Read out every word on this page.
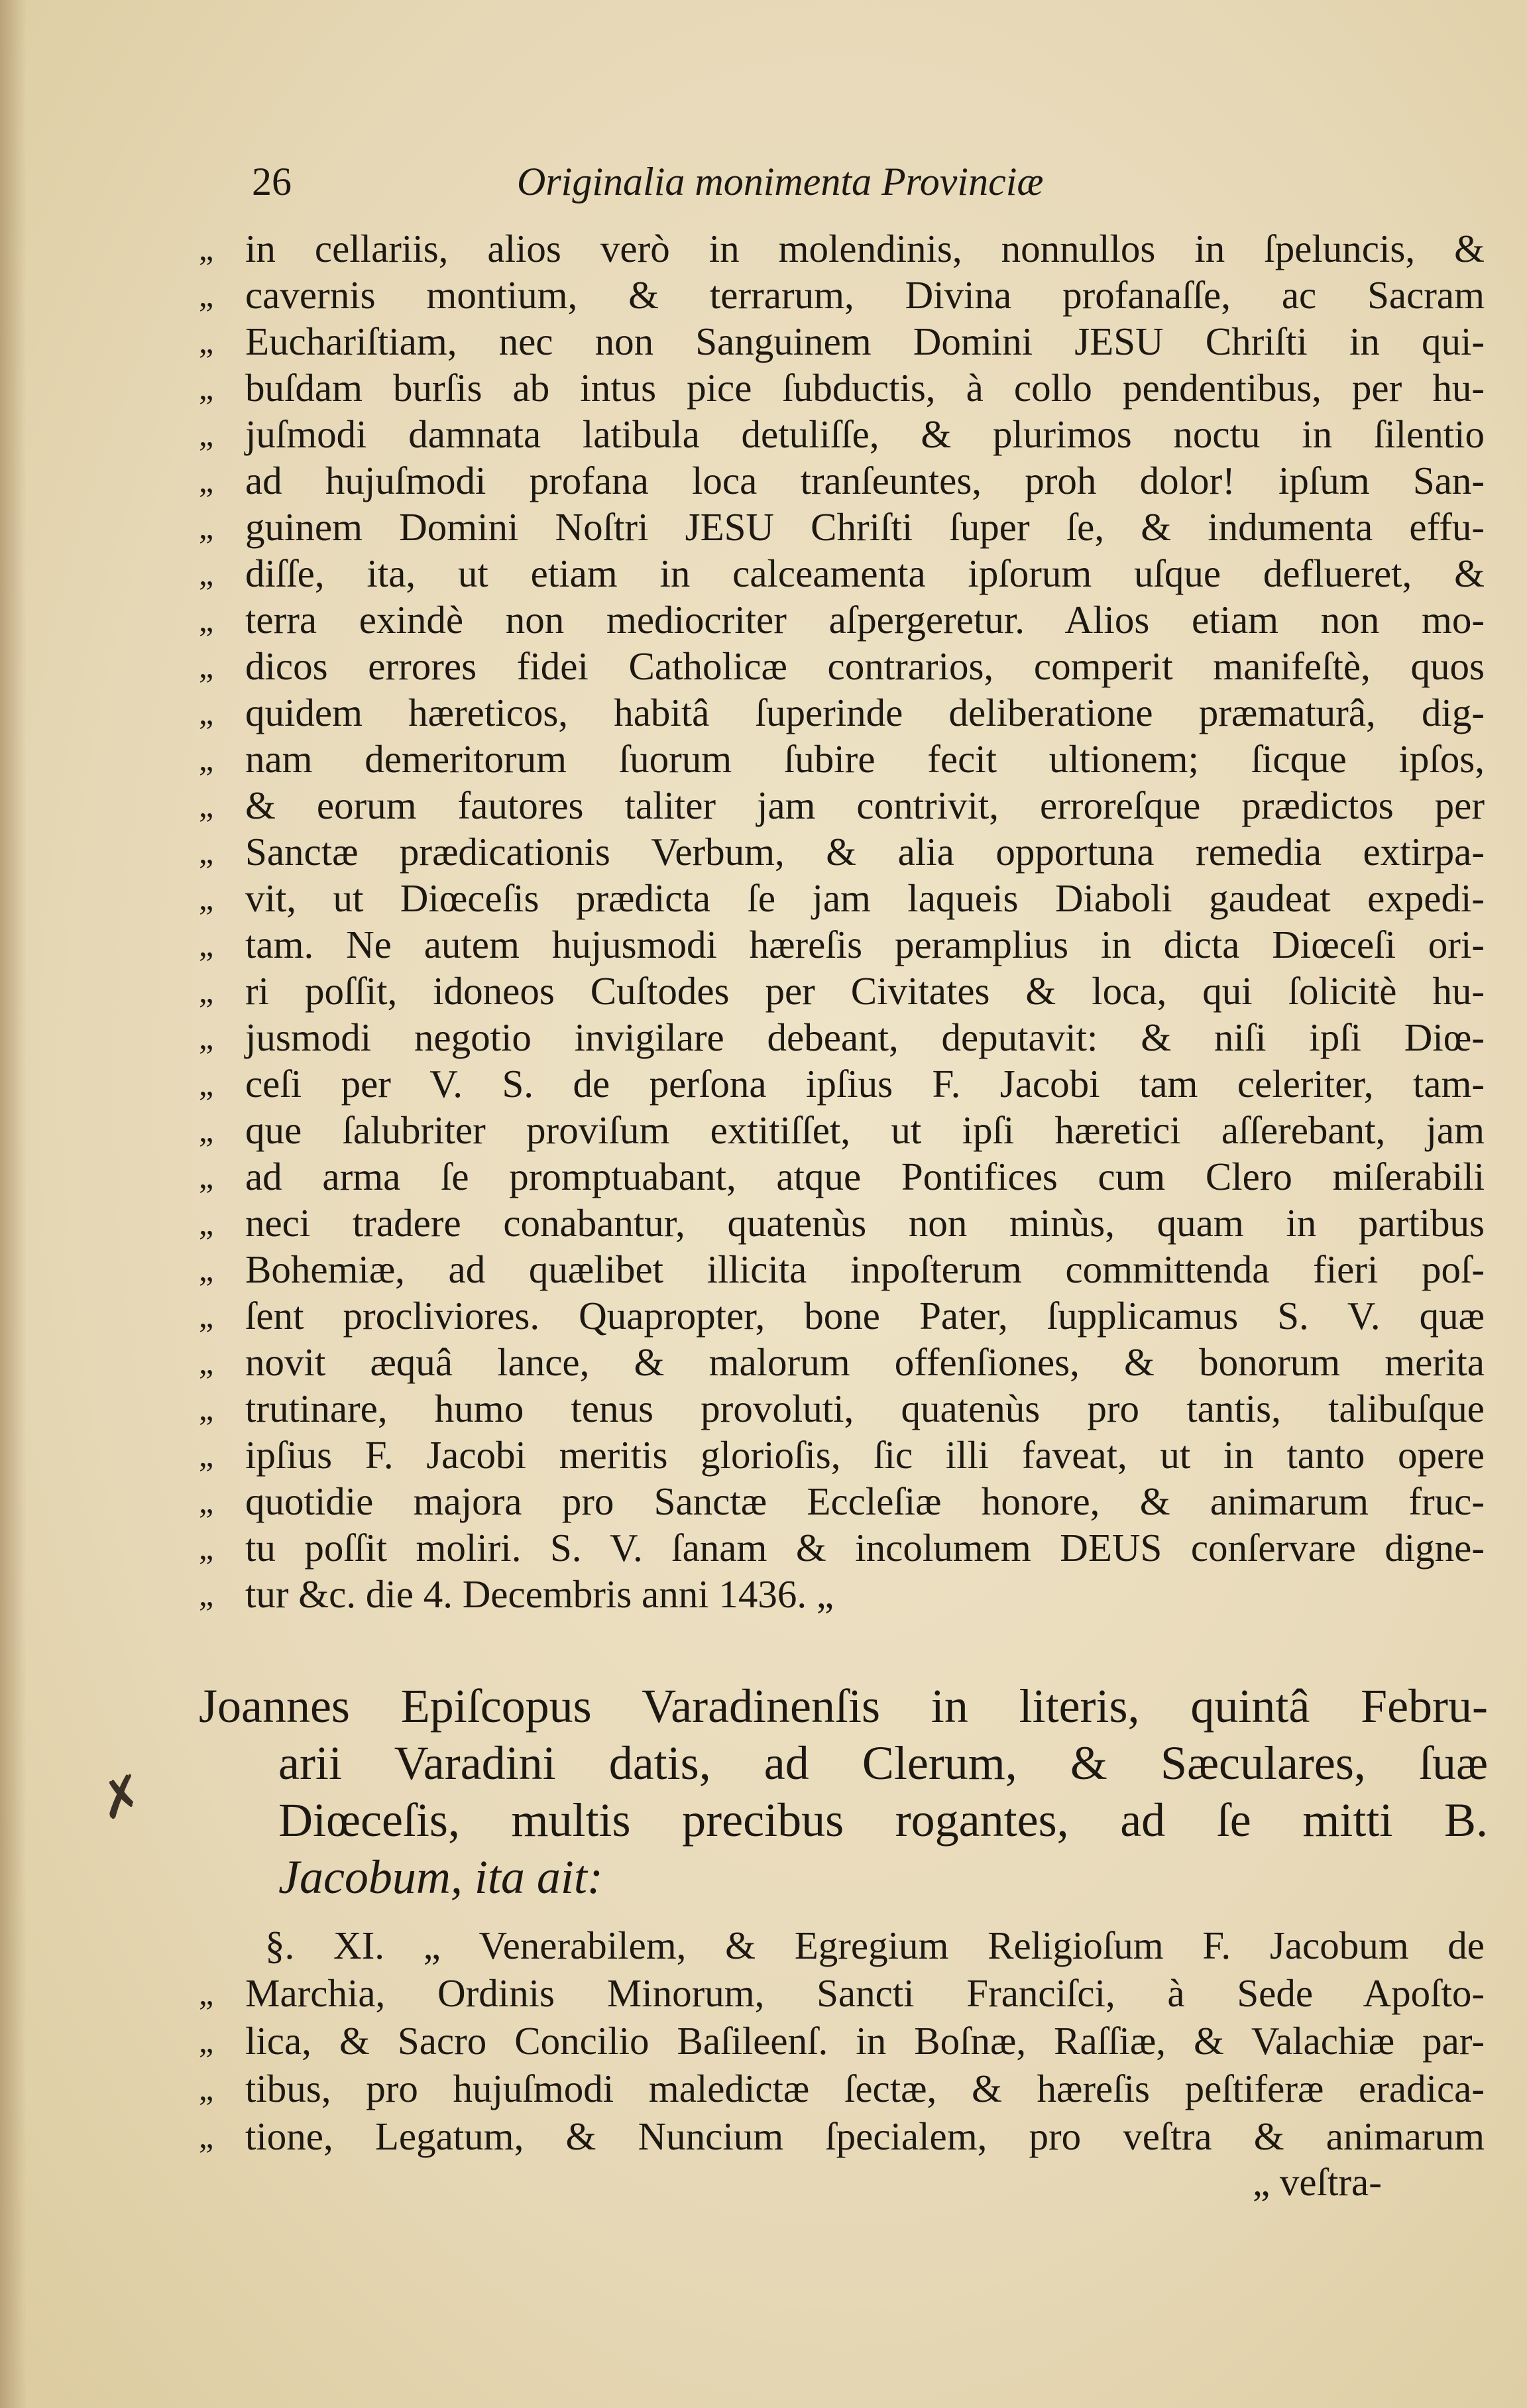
26	Originalia monimenta Provinciæ
„ in cellariis, alios verò in molendinis, nonnullos in ſpeluncis, &
„ cavernis montium, & terrarum, Divina profanaſſe, ac Sacram
„ Euchariſtiam, nec non Sanguinem Domini JESU Chriſti in qui-
„ buſdam burſis ab intus pice ſubductis, à collo pendentibus, per hu-
„ juſmodi damnata latibula detuliſſe, & plurimos noctu in ſilentio
„ ad hujuſmodi profana loca tranſeuntes, proh dolor! ipſum San-
„ guinem Domini Noſtri JESU Chriſti ſuper ſe, & indumenta effu-
„ diſſe, ita, ut etiam in calceamenta ipſorum uſque deflueret, &
„ terra exindè non mediocriter aſpergeretur. Alios etiam non mo-
„ dicos errores fidei Catholicæ contrarios, comperit manifeſtè, quos
„ quidem hæreticos, habitâ ſuperinde deliberatione præmaturâ, dig-
„ nam demeritorum ſuorum ſubire fecit ultionem; ſicque ipſos,
„ & eorum fautores taliter jam contrivit, erroreſque prædictos per
„ Sanctæ prædicationis Verbum, & alia opportuna remedia extirpa-
„ vit, ut Diœceſis prædicta ſe jam laqueis Diaboli gaudeat expedi-
„ tam. Ne autem hujusmodi hæreſis peramplius in dicta Diœceſi ori-
„ ri poſſit, idoneos Cuſtodes per Civitates & loca, qui ſolicitè hu-
„ jusmodi negotio invigilare debeant, deputavit: & niſi ipſi Diœ-
„ ceſi per V. S. de perſona ipſius F. Jacobi tam celeriter, tam-
„ que ſalubriter proviſum extitiſſet, ut ipſi hæretici aſſerebant, jam
„ ad arma ſe promptuabant, atque Pontifices cum Clero miſerabili
„ neci tradere conabantur, quatenùs non minùs, quam in partibus
„ Bohemiæ, ad quælibet illicita inpoſterum committenda fieri poſ-
„ ſent procliviores. Quapropter, bone Pater, ſupplicamus S. V. quæ
„ novit æquâ lance, & malorum offenſiones, & bonorum merita
„ trutinare, humo tenus provoluti, quatenùs pro tantis, talibuſque
„ ipſius F. Jacobi meritis glorioſis, ſic illi faveat, ut in tanto opere
„ quotidie majora pro Sanctæ Eccleſiæ honore, & animarum fruc-
„ tu poſſit moliri. S. V. ſanam & incolumem DEUS conſervare digne-
„ tur &c. die 4. Decembris anni 1436. „
Joannes Epiſcopus Varadinenſis in literis, quintâ Febru-
arii Varadini datis, ad Clerum, & Sæculares, ſuæ
Diœceſis, multis precibus rogantes, ad ſe mitti B.
Jacobum, ita ait:
✗
§. XI. „ Venerabilem, & Egregium Religioſum F. Jacobum de
„ Marchia, Ordinis Minorum, Sancti Franciſci, à Sede Apoſto-
„ lica, & Sacro Concilio Baſileenſ. in Boſnæ, Raſſiæ, & Valachiæ par-
„ tibus, pro hujuſmodi maledictæ ſectæ, & hæreſis peſtiferæ eradica-
„ tione, Legatum, & Nuncium ſpecialem, pro veſtra & animarum
„ veſtra-
